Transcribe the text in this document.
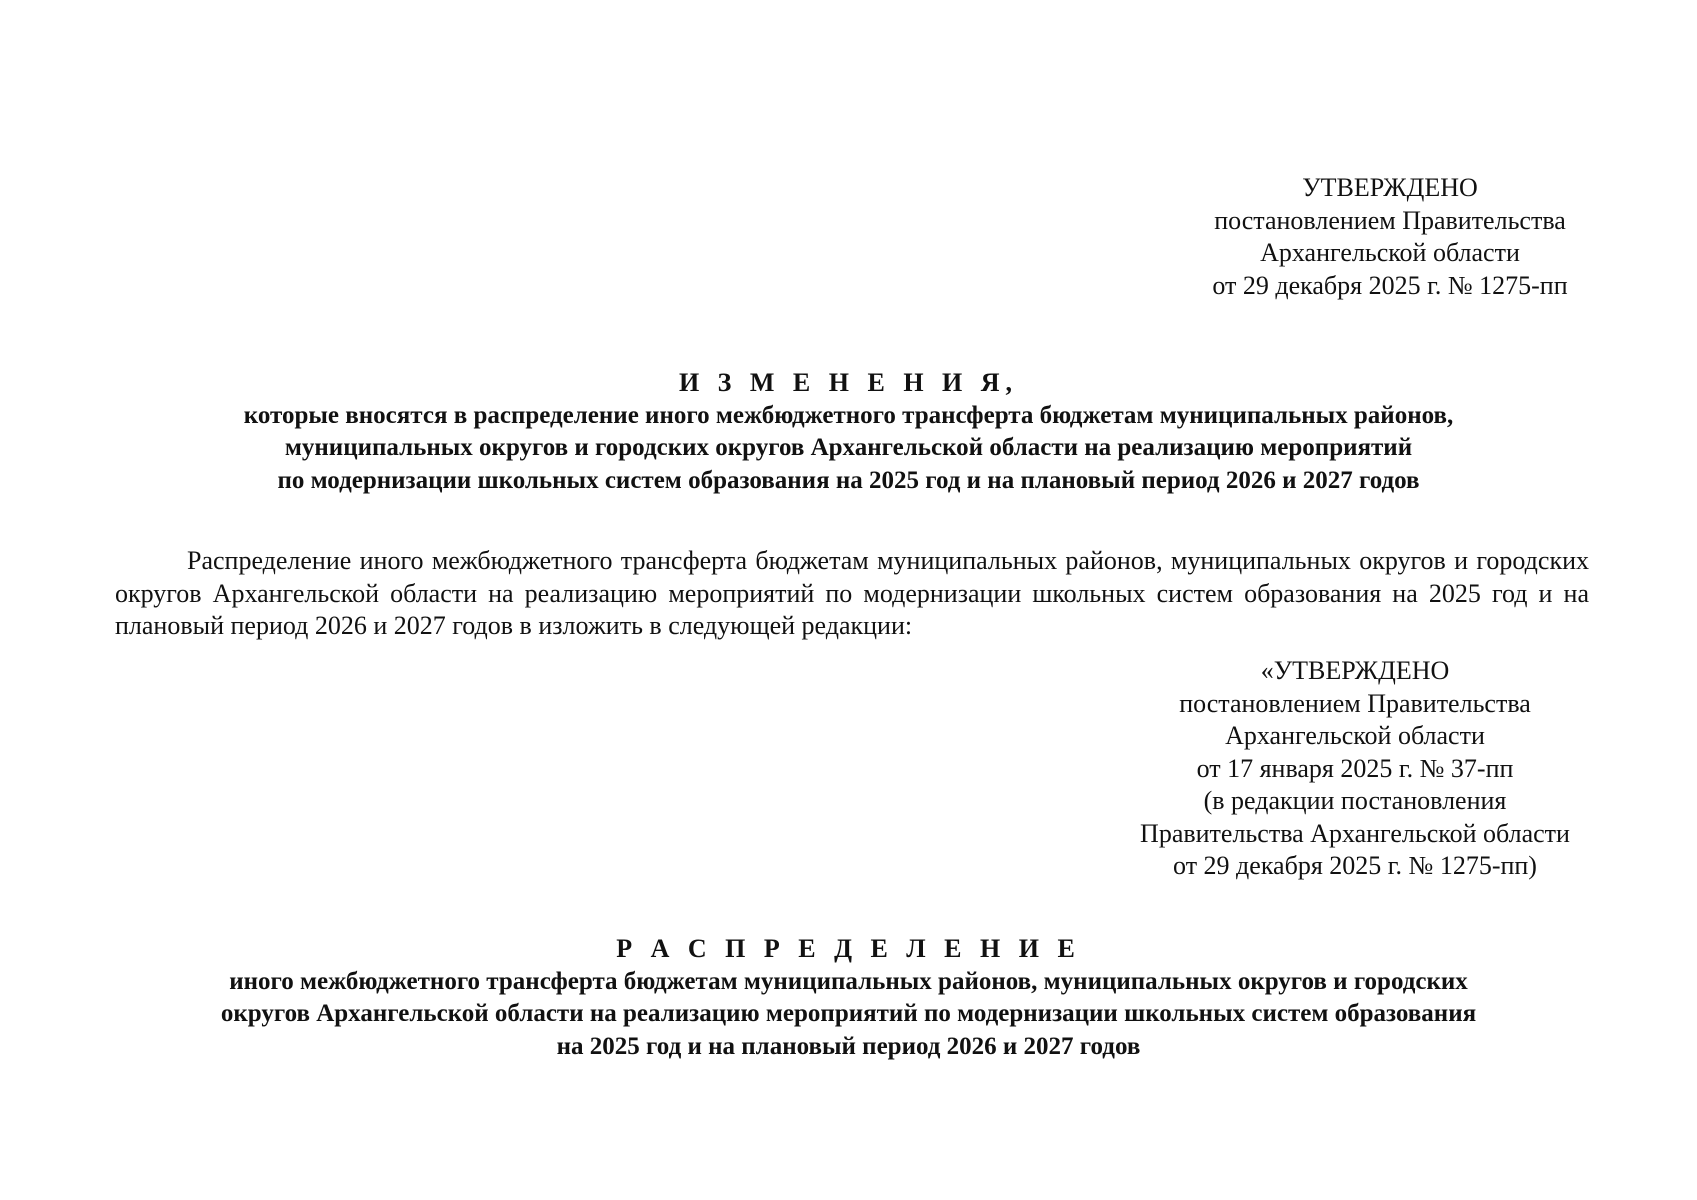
УТВЕРЖДЕНО
постановлением Правительства
Архангельской области
от 29 декабря 2025 г. № 1275-пп
И З М Е Н Е Н И Я,
которые вносятся в распределение иного межбюджетного трансферта бюджетам муниципальных районов,
муниципальных округов и городских округов Архангельской области на реализацию мероприятий
по модернизации школьных систем образования на 2025 год и на плановый период 2026 и 2027 годов
Распределение иного межбюджетного трансферта бюджетам муниципальных районов, муниципальных округов и городских округов Архангельской области на реализацию мероприятий по модернизации школьных систем образования на 2025 год и на плановый период 2026 и 2027 годов в изложить в следующей редакции:
«УТВЕРЖДЕНО
постановлением Правительства
Архангельской области
от 17 января 2025 г. № 37-пп
(в редакции постановления
Правительства Архангельской области
от 29 декабря 2025 г. № 1275-пп)
Р А С П Р Е Д Е Л Е Н И Е
иного межбюджетного трансферта бюджетам муниципальных районов, муниципальных округов и городских
округов Архангельской области на реализацию мероприятий по модернизации школьных систем образования
на 2025 год и на плановый период 2026 и 2027 годов
